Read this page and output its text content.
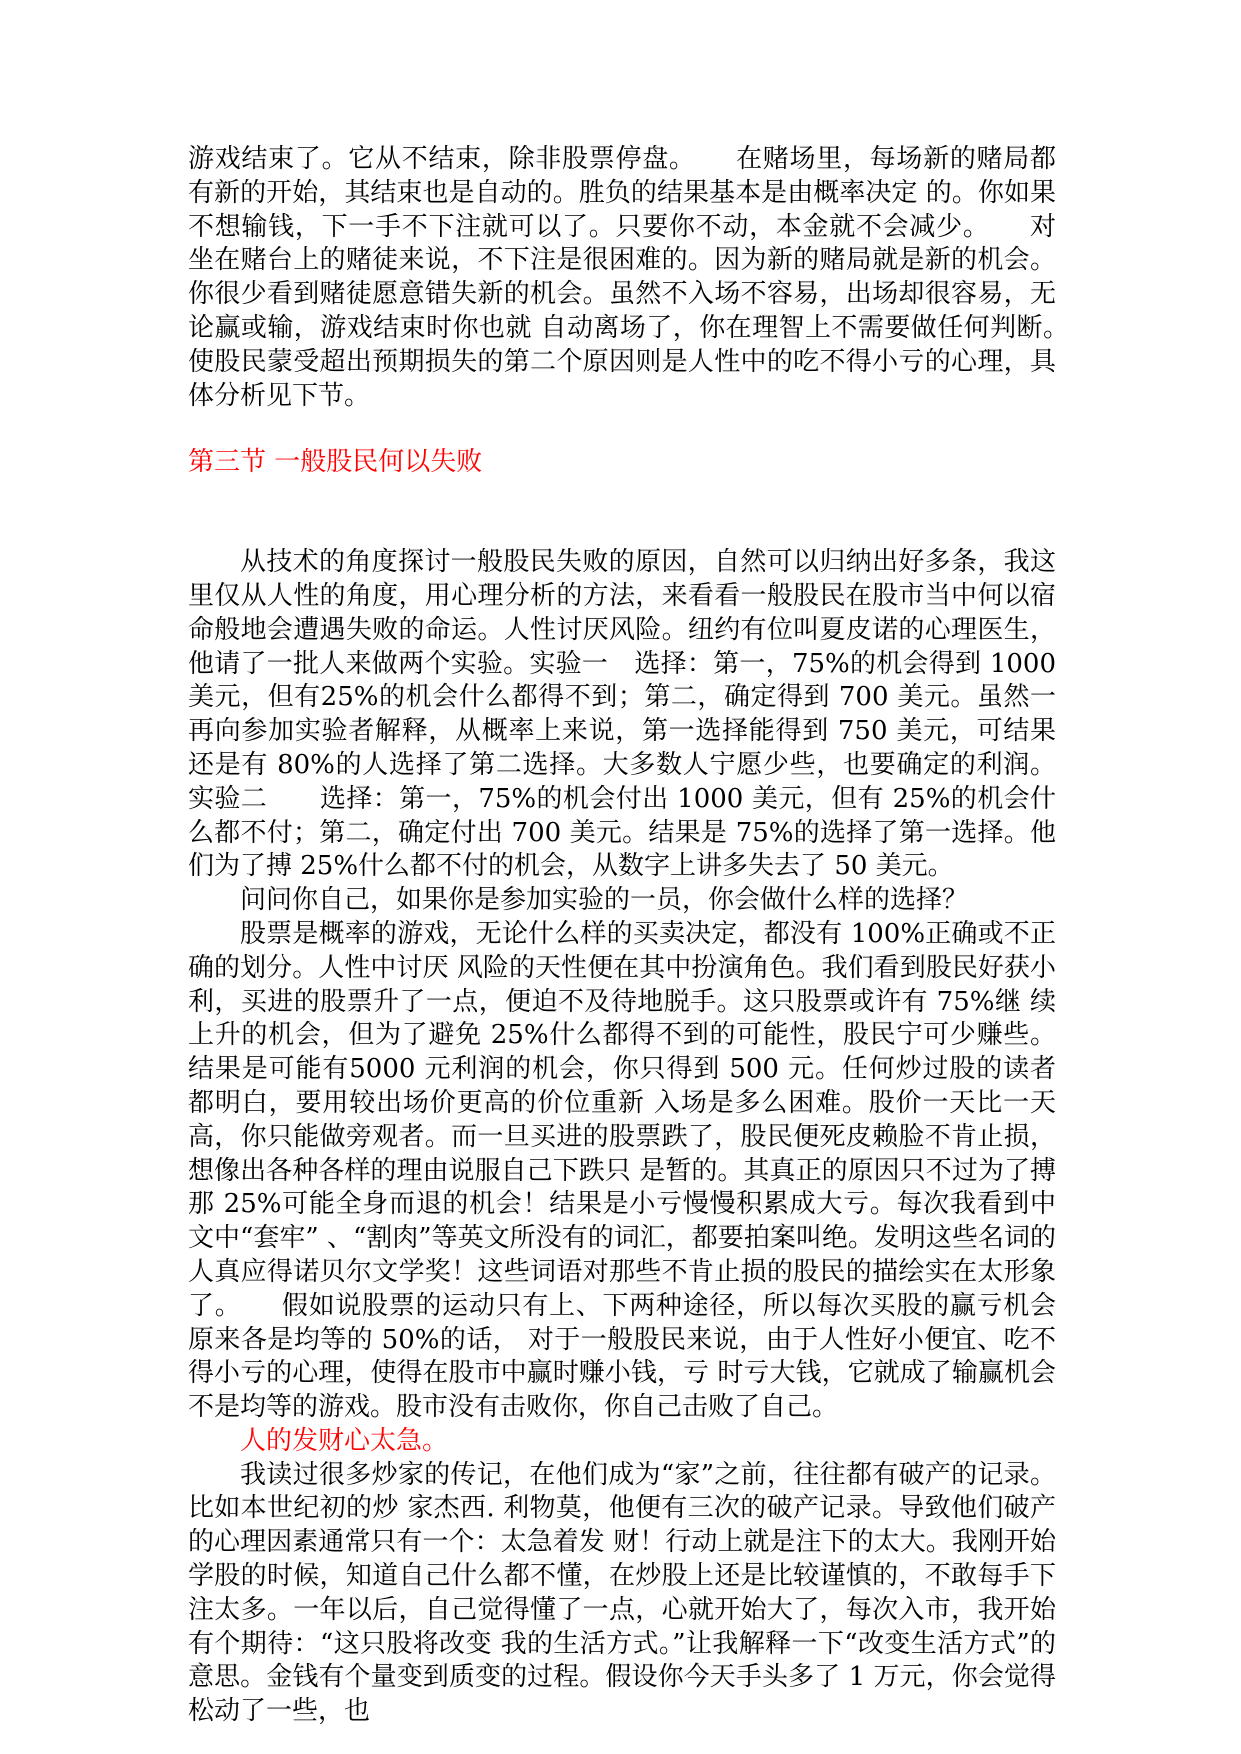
游戏结束了。它从不结束，除非股票停盘。　　在赌场里，每场新的赌局都有新的开始，其结束也是自动的。胜负的结果基本是由概率决定 的。你如果不想输钱，下一手不下注就可以了。只要你不动，本金就不会减少。　　对坐在赌台上的赌徒来说，不下注是很困难的。因为新的赌局就是新的机会。你很少看到赌徒愿意错失新的机会。虽然不入场不容易，出场却很容易，无论赢或输，游戏结束时你也就 自动离场了，你在理智上不需要做任何判断。　　使股民蒙受超出预期损失的第二个原因则是人性中的吃不得小亏的心理，具体分析见下节。

第三节 一般股民何以失败

从技术的角度探讨一般股民失败的原因，自然可以归纳出好多条，我这里仅从人性的角度，用心理分析的方法，来看看一般股民在股市当中何以宿命般地会遭遇失败的命运。人性讨厌风险。纽约有位叫夏皮诺的心理医生，他请了一批人来做两个实验。实验一　选择：第一，75%的机会得到 1000 美元，但有25%的机会什么都得不到；第二，确定得到 700 美元。虽然一再向参加实验者解释，从概率上来说，第一选择能得到 750 美元，可结果还是有 80%的人选择了第二选择。大多数人宁愿少些，也要确定的利润。实验二　　选择：第一，75%的机会付出 1000 美元，但有 25%的机会什么都不付；第二，确定付出 700 美元。结果是 75%的选择了第一选择。他们为了搏 25%什么都不付的机会，从数字上讲多失去了 50 美元。

问问你自己，如果你是参加实验的一员，你会做什么样的选择？

股票是概率的游戏，无论什么样的买卖决定，都没有 100%正确或不正确的划分。人性中讨厌 风险的天性便在其中扮演角色。我们看到股民好获小利，买进的股票升了一点，便迫不及待地脱手。这只股票或许有 75%继 续上升的机会，但为了避免 25%什么都得不到的可能性，股民宁可少赚些。结果是可能有5000 元利润的机会，你只得到 500 元。任何炒过股的读者都明白，要用较出场价更高的价位重新 入场是多么困难。股价一天比一天高，你只能做旁观者。而一旦买进的股票跌了，股民便死皮赖脸不肯止损，想像出各种各样的理由说服自己下跌只 是暂的。其真正的原因只不过为了搏那 25%可能全身而退的机会！结果是小亏慢慢积累成大亏。每次我看到中文中“套牢” 、“割肉”等英文所没有的词汇，都要拍案叫绝。发明这些名词的 人真应得诺贝尔文学奖！这些词语对那些不肯止损的股民的描绘实在太形象了。　　假如说股票的运动只有上、下两种途径，所以每次买股的赢亏机会原来各是均等的 50%的话， 对于一般股民来说，由于人性好小便宜、吃不得小亏的心理，使得在股市中赢时赚小钱，亏 时亏大钱，它就成了输赢机会不是均等的游戏。股市没有击败你，你自己击败了自己。

人的发财心太急。

我读过很多炒家的传记，在他们成为“家”之前，往往都有破产的记录。比如本世纪初的炒 家杰西. 利物莫，他便有三次的破产记录。导致他们破产的心理因素通常只有一个：太急着发 财！行动上就是注下的太大。我刚开始学股的时候，知道自己什么都不懂，在炒股上还是比较谨慎的，不敢每手下注太多。一年以后，自己觉得懂了一点，心就开始大了，每次入市，我开始有个期待：“这只股将改变 我的生活方式。”让我解释一下“改变生活方式”的意思。金钱有个量变到质变的过程。假设你今天手头多了 1 万元，你会觉得松动了一些，也
